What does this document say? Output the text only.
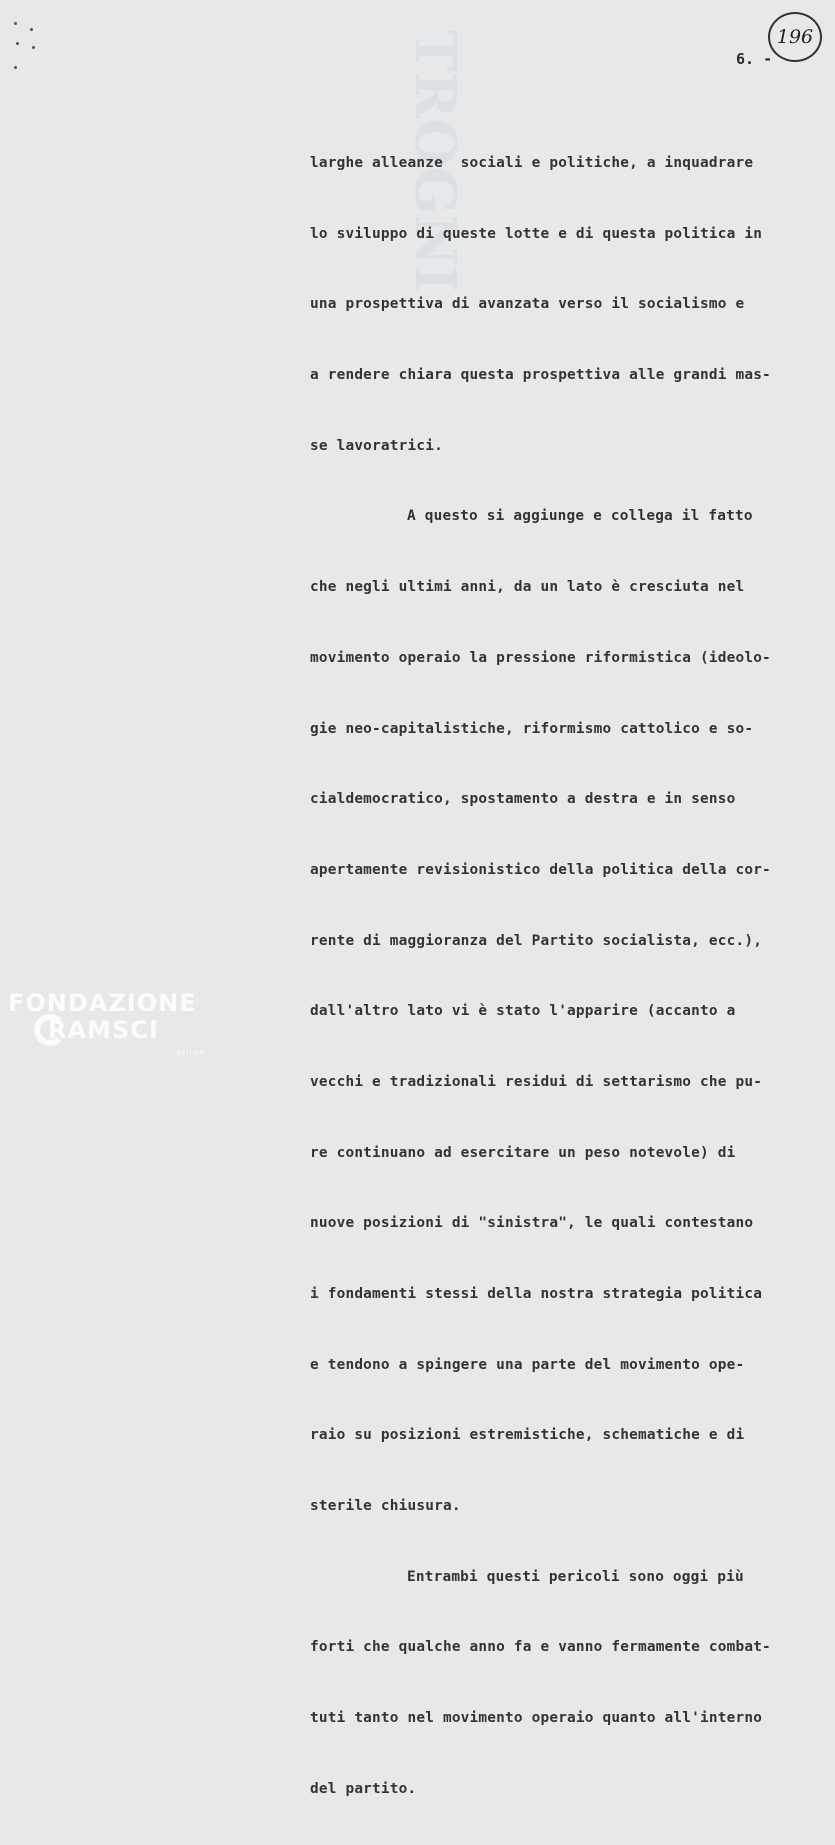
TROGNI	196
6. -

larghe alleanze  sociali e politiche, a inquadrare

lo sviluppo di queste lotte e di questa politica in

una prospettiva di avanzata verso il socialismo e

a rendere chiara questa prospettiva alle grandi mas-

se lavoratrici.

A questo si aggiunge e collega il fatto

che negli ultimi anni, da un lato è cresciuta nel

movimento operaio la pressione riformistica (ideolo-

gie neo-capitalistiche, riformismo cattolico e so-

cialdemocratico, spostamento a destra e in senso

apertamente revisionistico della politica della cor-

rente di maggioranza del Partito socialista, ecc.),

dall'altro lato vi è stato l'apparire (accanto a

vecchi e tradizionali residui di settarismo che pu-

re continuano ad esercitare un peso notevole) di

nuove posizioni di "sinistra", le quali contestano

i fondamenti stessi della nostra strategia politica

e tendono a spingere una parte del movimento ope-

raio su posizioni estremistiche, schematiche e di

sterile chiusura.

Entrambi questi pericoli sono oggi più

forti che qualche anno fa e vanno fermamente combat-

tuti tanto nel movimento operaio quanto all'interno

del partito.

FONDAZIONE
RAMSCI
onlus
